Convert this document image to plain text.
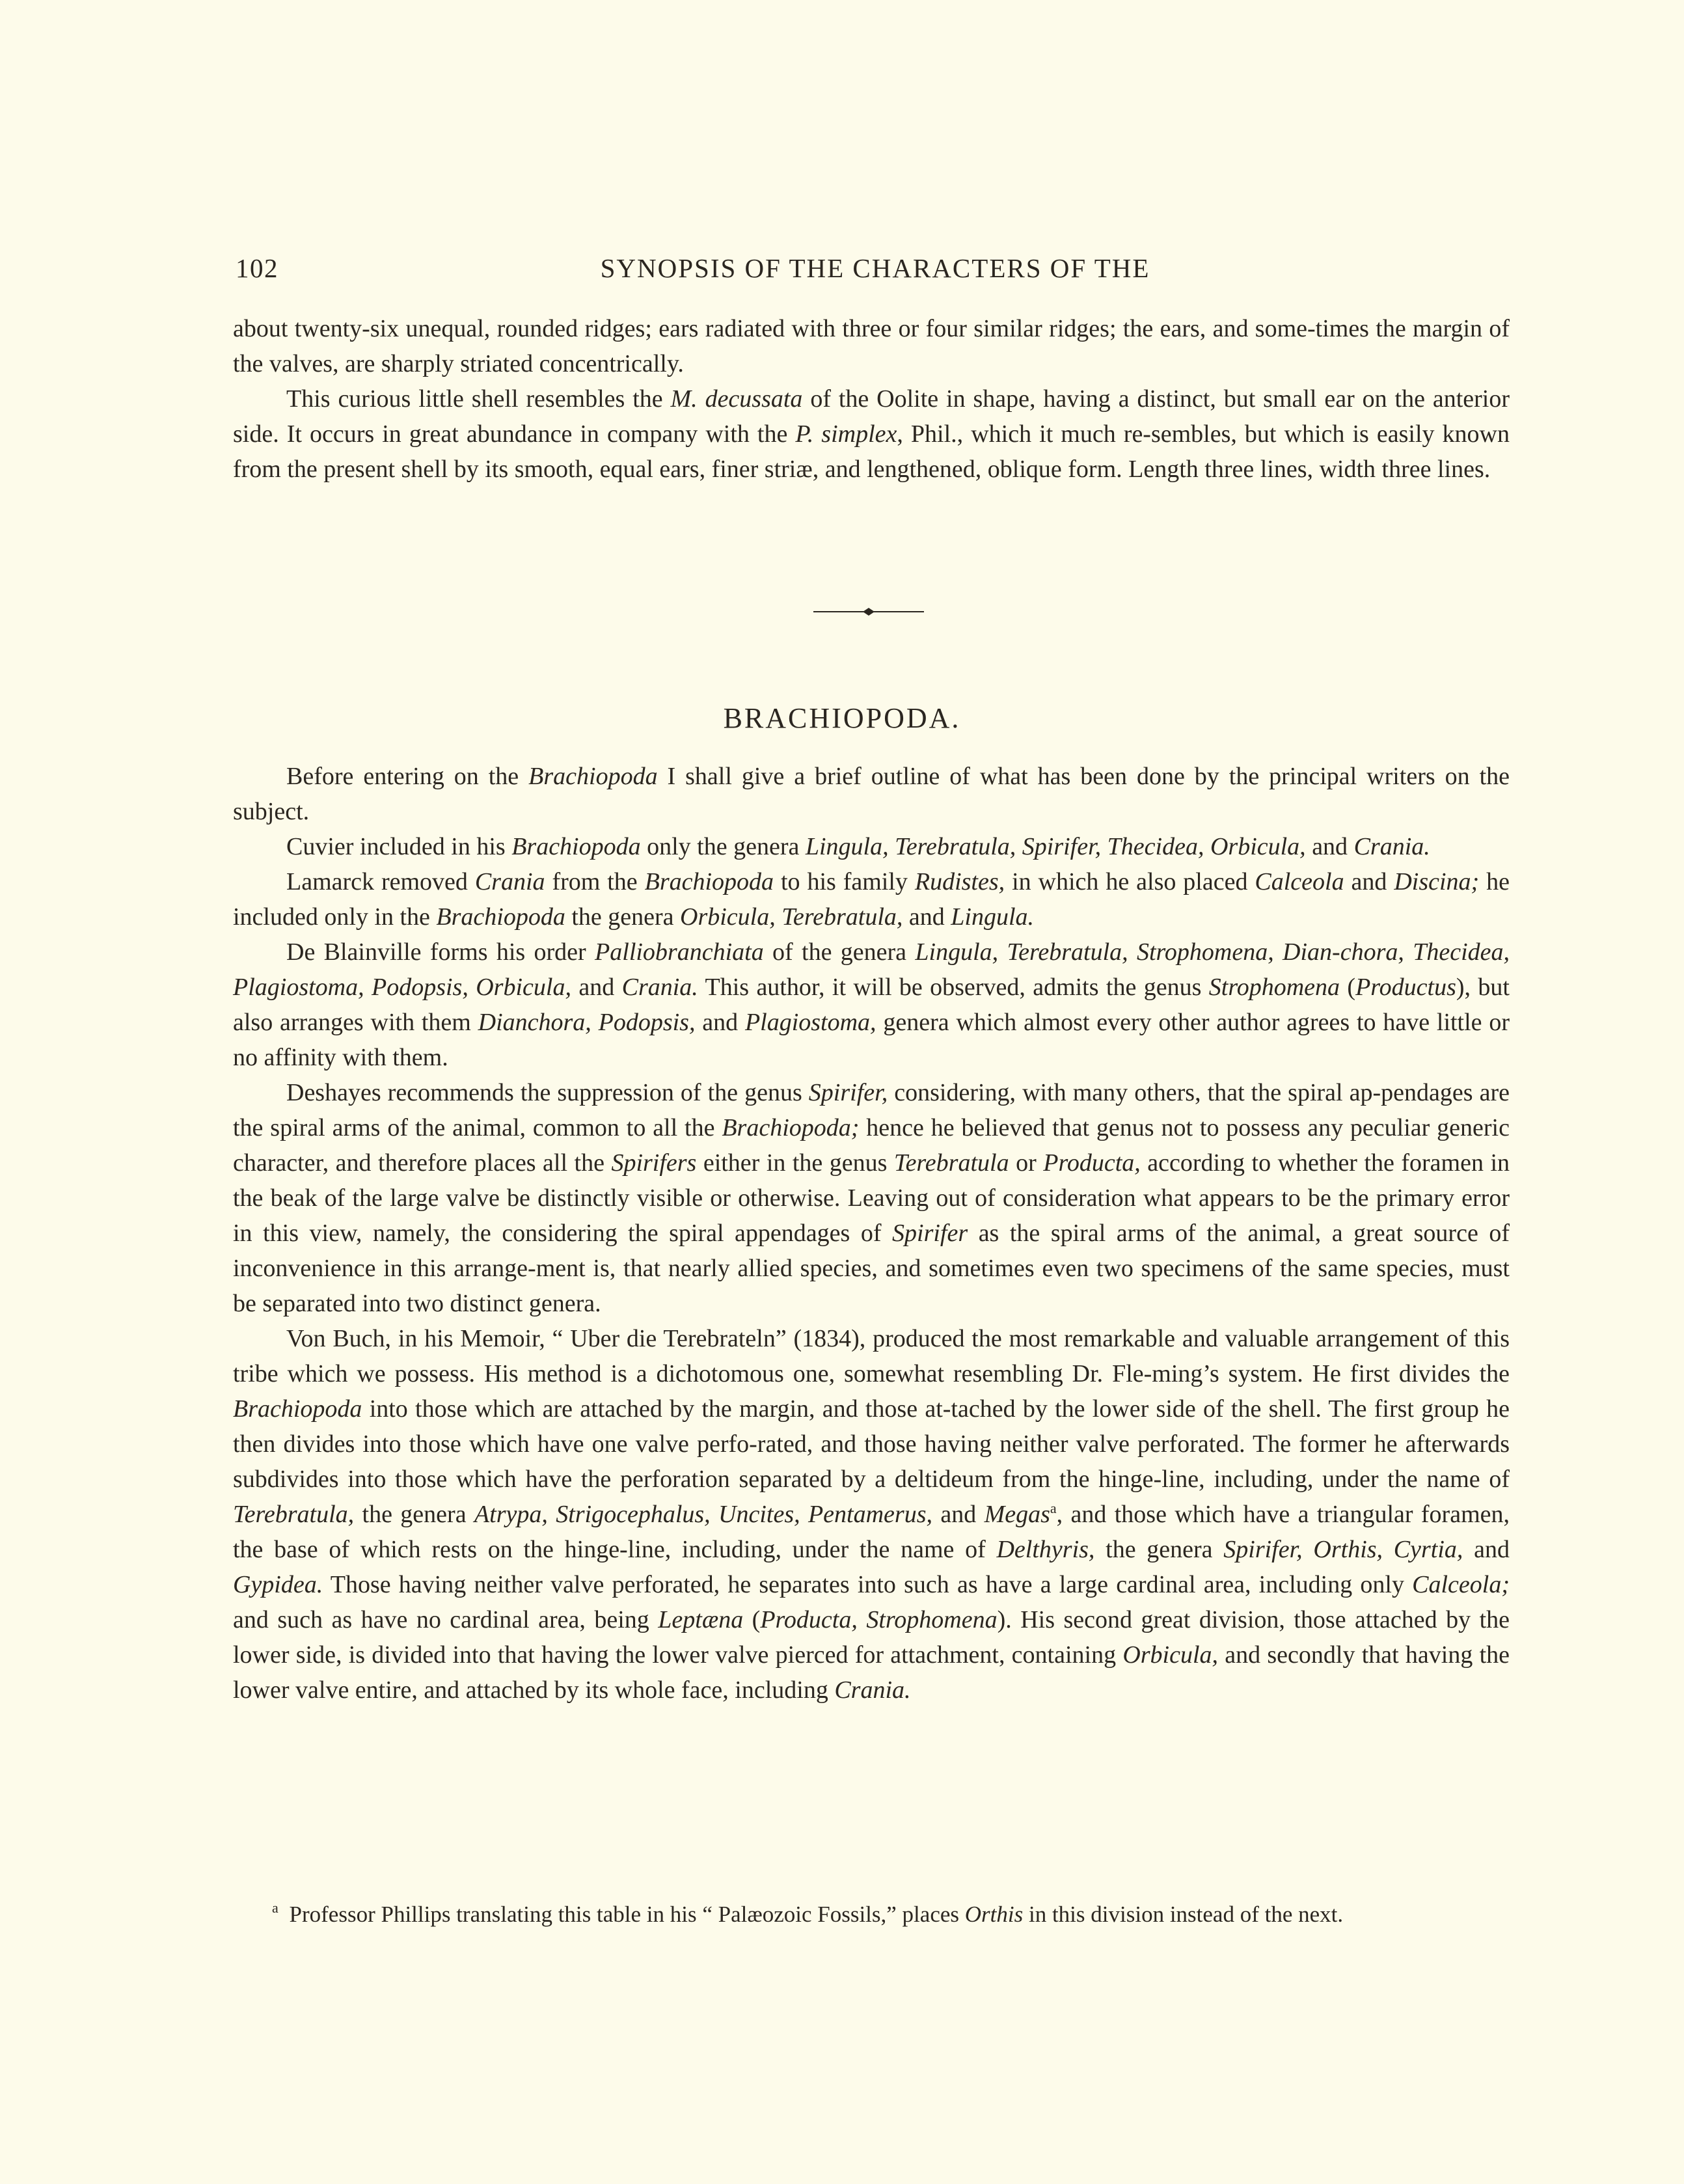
102	SYNOPSIS OF THE CHARACTERS OF THE

about twenty-six unequal, rounded ridges; ears radiated with three or four similar ridges; the ears, and some-times the margin of the valves, are sharply striated concentrically.

This curious little shell resembles the M. decussata of the Oolite in shape, having a distinct, but small ear on the anterior side. It occurs in great abundance in company with the P. simplex, Phil., which it much re-sembles, but which is easily known from the present shell by its smooth, equal ears, finer striæ, and lengthened, oblique form. Length three lines, width three lines.

BRACHIOPODA.

Before entering on the Brachiopoda I shall give a brief outline of what has been done by the principal writers on the subject.

Cuvier included in his Brachiopoda only the genera Lingula, Terebratula, Spirifer, Thecidea, Orbicula, and Crania.

Lamarck removed Crania from the Brachiopoda to his family Rudistes, in which he also placed Calceola and Discina; he included only in the Brachiopoda the genera Orbicula, Terebratula, and Lingula.

De Blainville forms his order Palliobranchiata of the genera Lingula, Terebratula, Strophomena, Dian-chora, Thecidea, Plagiostoma, Podopsis, Orbicula, and Crania. This author, it will be observed, admits the genus Strophomena (Productus), but also arranges with them Dianchora, Podopsis, and Plagiostoma, genera which almost every other author agrees to have little or no affinity with them.

Deshayes recommends the suppression of the genus Spirifer, considering, with many others, that the spiral ap-pendages are the spiral arms of the animal, common to all the Brachiopoda; hence he believed that genus not to possess any peculiar generic character, and therefore places all the Spirifers either in the genus Terebratula or Producta, according to whether the foramen in the beak of the large valve be distinctly visible or otherwise. Leaving out of consideration what appears to be the primary error in this view, namely, the considering the spiral appendages of Spirifer as the spiral arms of the animal, a great source of inconvenience in this arrange-ment is, that nearly allied species, and sometimes even two specimens of the same species, must be separated into two distinct genera.

Von Buch, in his Memoir, “ Uber die Terebrateln” (1834), produced the most remarkable and valuable arrangement of this tribe which we possess. His method is a dichotomous one, somewhat resembling Dr. Fle-ming’s system. He first divides the Brachiopoda into those which are attached by the margin, and those at-tached by the lower side of the shell. The first group he then divides into those which have one valve perfo-rated, and those having neither valve perforated. The former he afterwards subdivides into those which have the perforation separated by a deltideum from the hinge-line, including, under the name of Terebratula, the genera Atrypa, Strigocephalus, Uncites, Pentamerus, and Megas$^a$, and those which have a triangular foramen, the base of which rests on the hinge-line, including, under the name of Delthyris, the genera Spirifer, Orthis, Cyrtia, and Gypidea. Those having neither valve perforated, he separates into such as have a large cardinal area, including only Calceola; and such as have no cardinal area, being Leptæna (Producta, Strophomena). His second great division, those attached by the lower side, is divided into that having the lower valve pierced for attachment, containing Orbicula, and secondly that having the lower valve entire, and attached by its whole face, including Crania.

$^a$ Professor Phillips translating this table in his “ Palæozoic Fossils,” places Orthis in this division instead of the next.
